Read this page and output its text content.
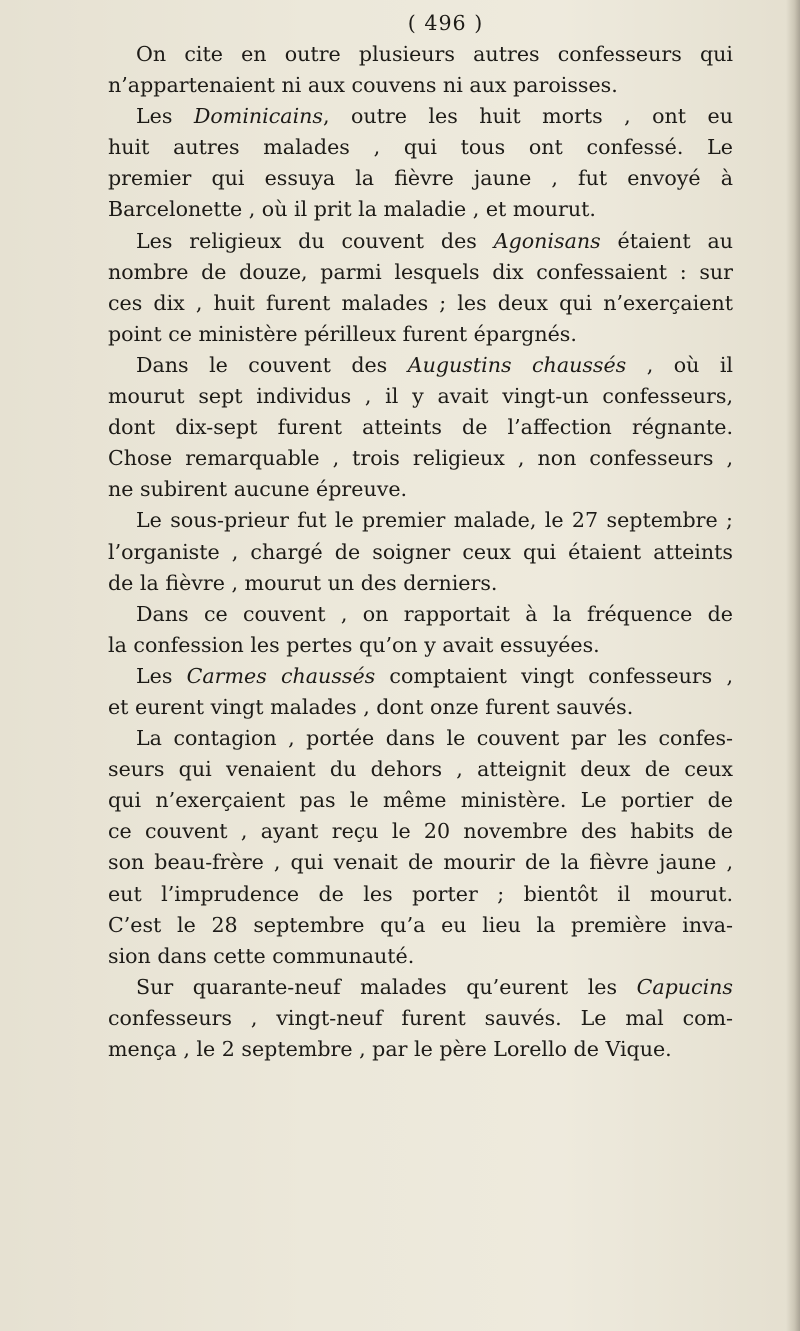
( 496 )

On cite en outre plusieurs autres confesseurs qui
n’appartenaient ni aux couvens ni aux paroisses.

Les Dominicains, outre les huit morts , ont eu
huit autres malades , qui tous ont confessé. Le
premier qui essuya la fièvre jaune , fut envoyé à
Barcelonette , où il prit la maladie , et mourut.

Les religieux du couvent des Agonisans étaient au
nombre de douze, parmi lesquels dix confessaient : sur
ces dix , huit furent malades ; les deux qui n’exerçaient
point ce ministère périlleux furent épargnés.

Dans le couvent des Augustins chaussés , où il
mourut sept individus , il y avait vingt-un confesseurs,
dont dix-sept furent atteints de l’affection régnante.
Chose remarquable , trois religieux , non confesseurs ,
ne subirent aucune épreuve.

Le sous-prieur fut le premier malade, le 27 septembre ;
l’organiste , chargé de soigner ceux qui étaient atteints
de la fièvre , mourut un des derniers.

Dans ce couvent , on rapportait à la fréquence de
la confession les pertes qu’on y avait essuyées.

Les Carmes chaussés comptaient vingt confesseurs ,
et eurent vingt malades , dont onze furent sauvés.

La contagion , portée dans le couvent par les confes-
seurs qui venaient du dehors , atteignit deux de ceux
qui n’exerçaient pas le même ministère. Le portier de
ce couvent , ayant reçu le 20 novembre des habits de
son beau-frère , qui venait de mourir de la fièvre jaune ,
eut l’imprudence de les porter ; bientôt il mourut.
C’est le 28 septembre qu’a eu lieu la première inva-
sion dans cette communauté.

Sur quarante-neuf malades qu’eurent les Capucins
confesseurs , vingt-neuf furent sauvés. Le mal com-
mença , le 2 septembre , par le père Lorello de Vique.
